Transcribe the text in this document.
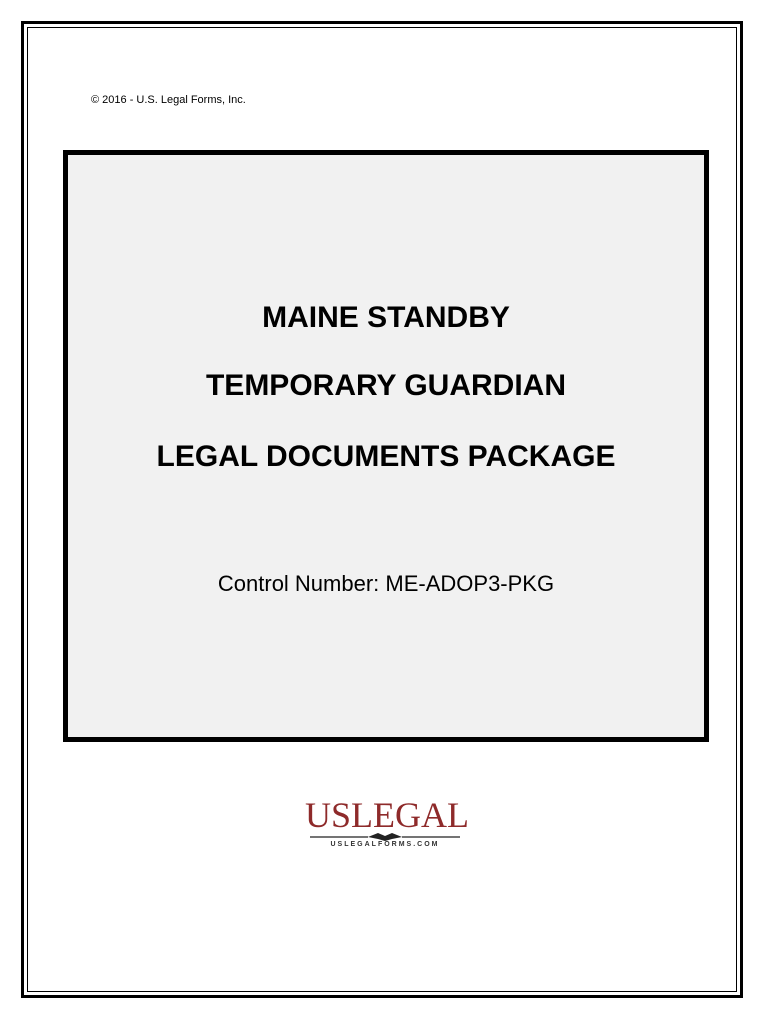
© 2016 - U.S. Legal Forms, Inc.
MAINE STANDBY
TEMPORARY GUARDIAN
LEGAL DOCUMENTS PACKAGE
Control Number: ME-ADOP3-PKG
USLEGAL
USLEGALFORMS.COM
